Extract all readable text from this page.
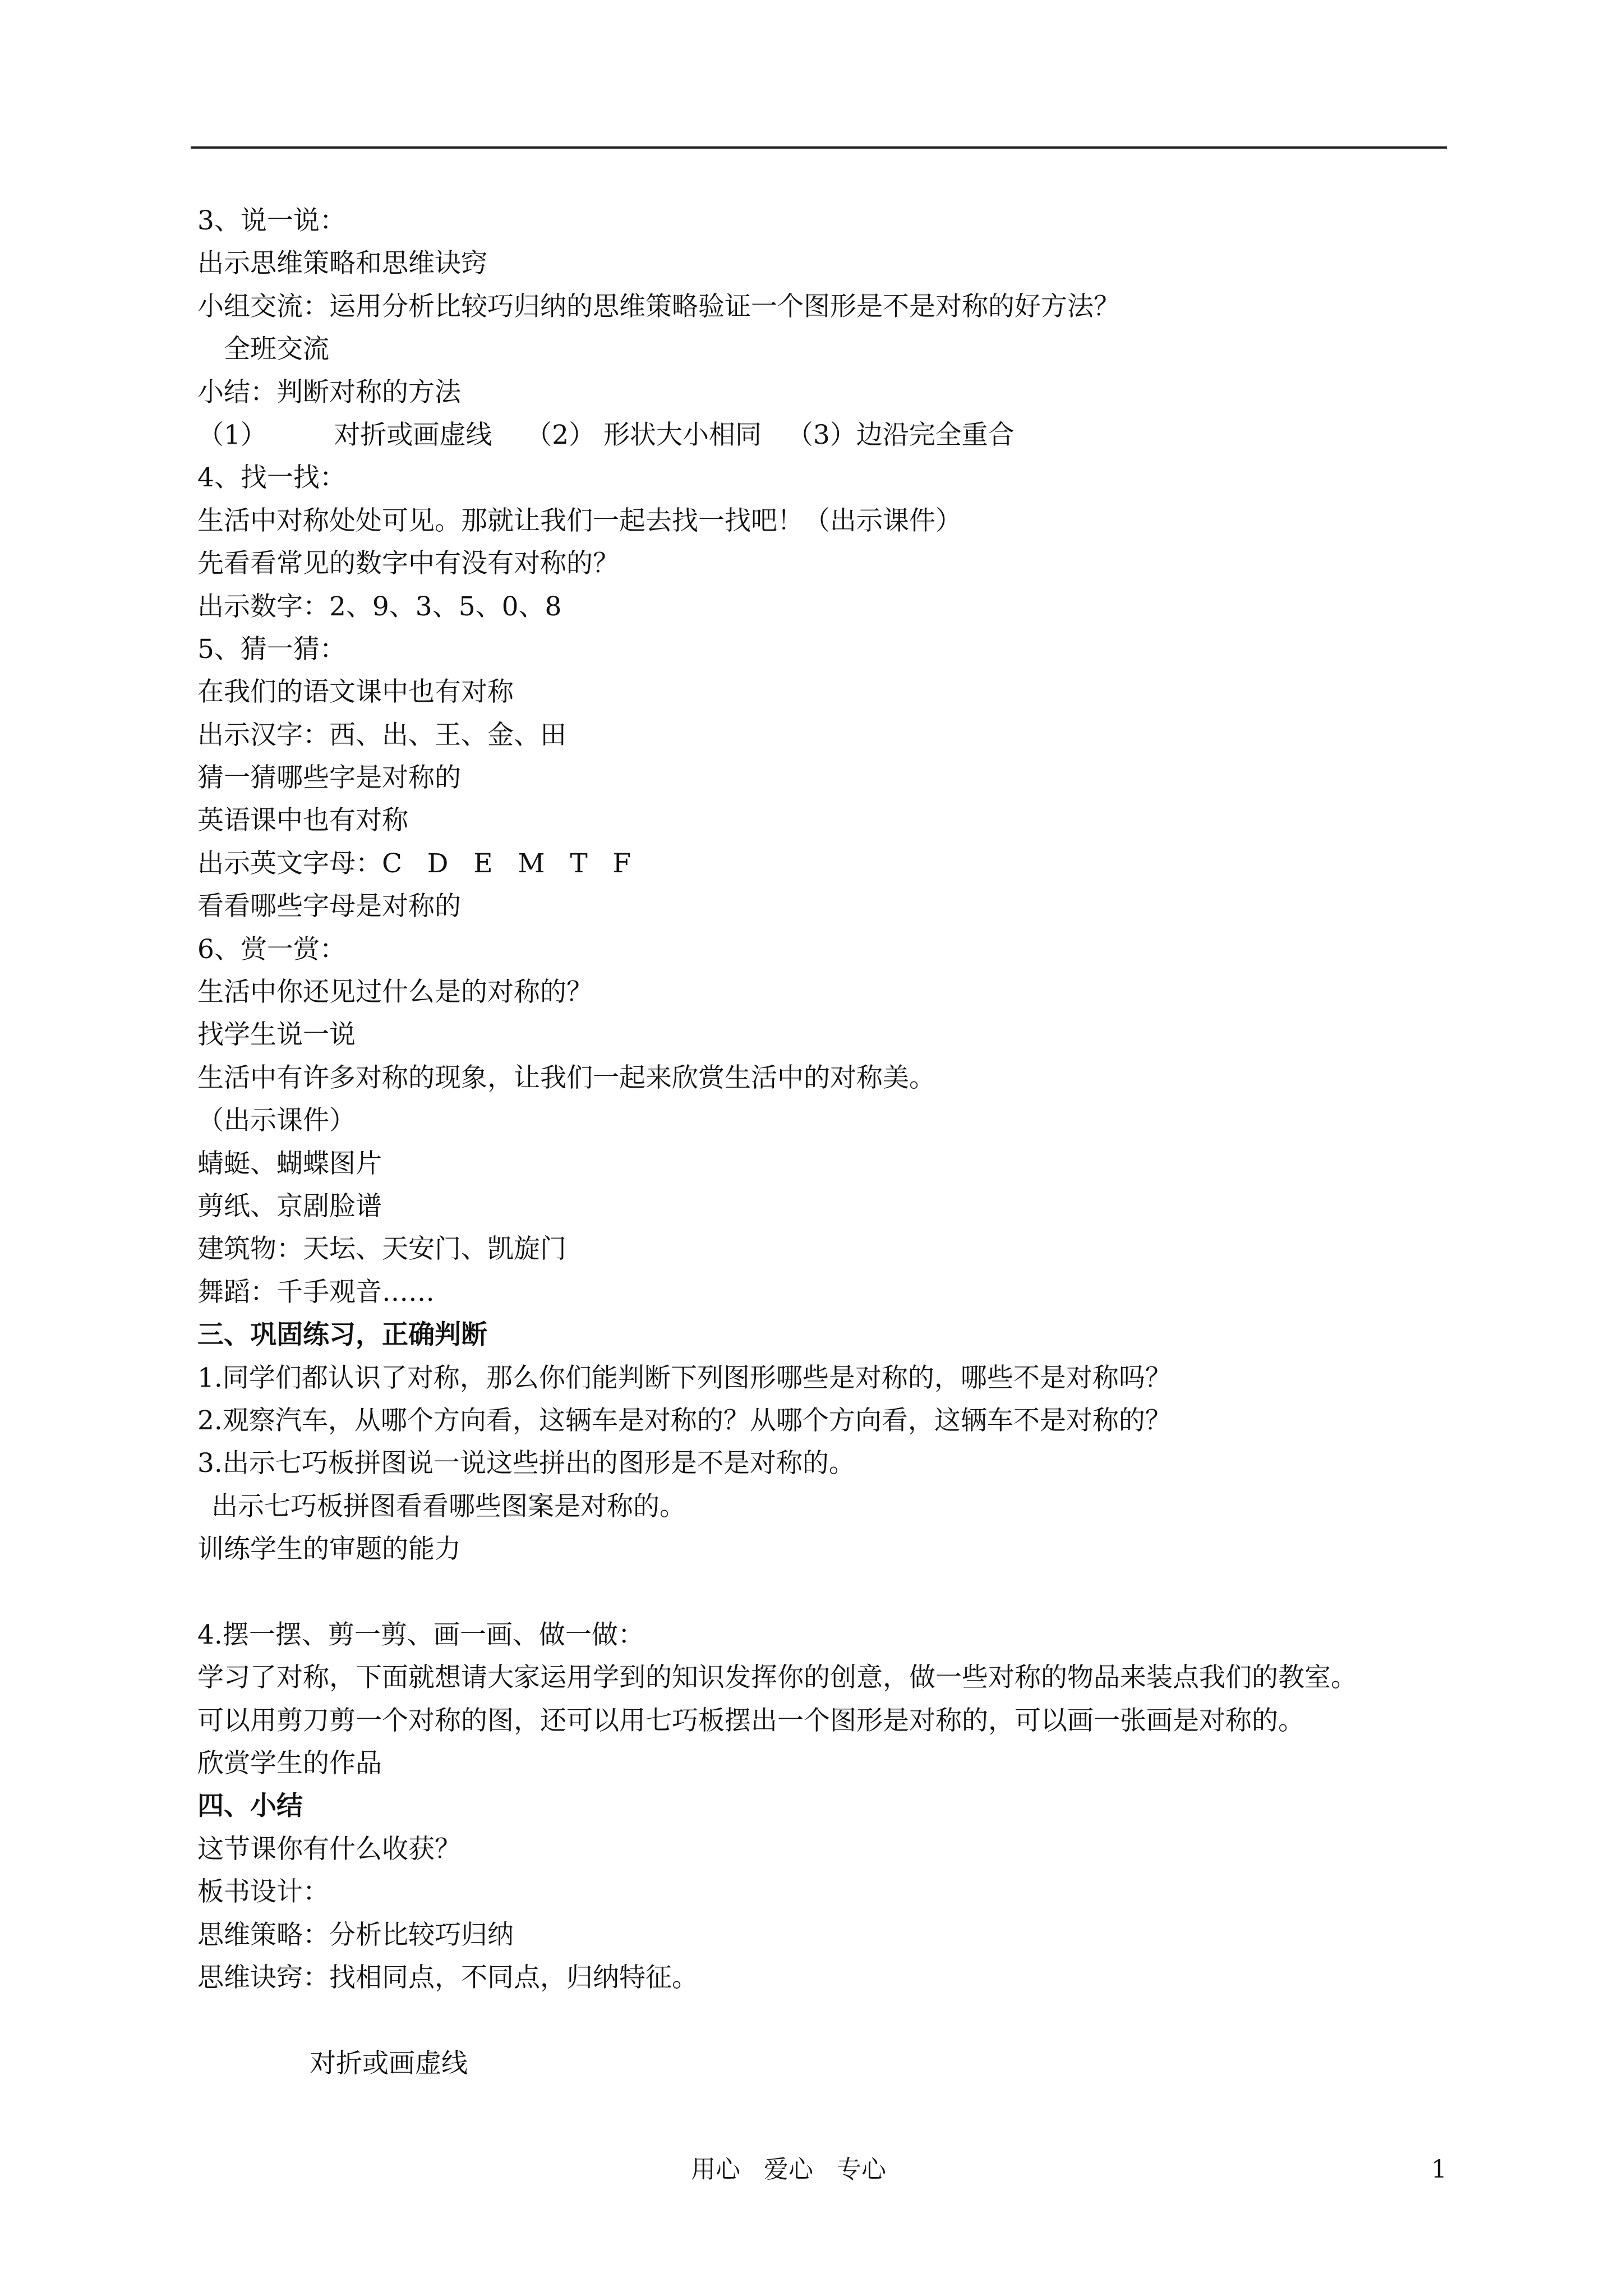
3、说一说：
出示思维策略和思维诀窍
小组交流：运用分析比较巧归纳的思维策略验证一个图形是不是对称的好方法？
全班交流
小结：判断对称的方法
（1）        对折或画虚线    （2） 形状大小相同   （3）边沿完全重合
4、找一找：
生活中对称处处可见。那就让我们一起去找一找吧！（出示课件）
先看看常见的数字中有没有对称的？
出示数字：2、9、3、5、0、8
5、猜一猜：
在我们的语文课中也有对称
出示汉字：西、出、王、金、田
猜一猜哪些字是对称的
英语课中也有对称
出示英文字母：C   D   E   M   T   F
看看哪些字母是对称的
6、赏一赏：
生活中你还见过什么是的对称的？
找学生说一说
生活中有许多对称的现象，让我们一起来欣赏生活中的对称美。
（出示课件）
蜻蜓、蝴蝶图片
剪纸、京剧脸谱
建筑物：天坛、天安门、凯旋门
舞蹈：千手观音……
三、巩固练习，正确判断
1.同学们都认识了对称，那么你们能判断下列图形哪些是对称的，哪些不是对称吗？
2.观察汽车，从哪个方向看，这辆车是对称的？从哪个方向看，这辆车不是对称的？
3.出示七巧板拼图说一说这些拼出的图形是不是对称的。
出示七巧板拼图看看哪些图案是对称的。
训练学生的审题的能力
4.摆一摆、剪一剪、画一画、做一做：
学习了对称，下面就想请大家运用学到的知识发挥你的创意，做一些对称的物品来装点我们的教室。
可以用剪刀剪一个对称的图，还可以用七巧板摆出一个图形是对称的，可以画一张画是对称的。
欣赏学生的作品
四、小结
这节课你有什么收获？
板书设计：
思维策略：分析比较巧归纳
思维诀窍：找相同点，不同点，归纳特征。
对折或画虚线
用心   爱心   专心	1
